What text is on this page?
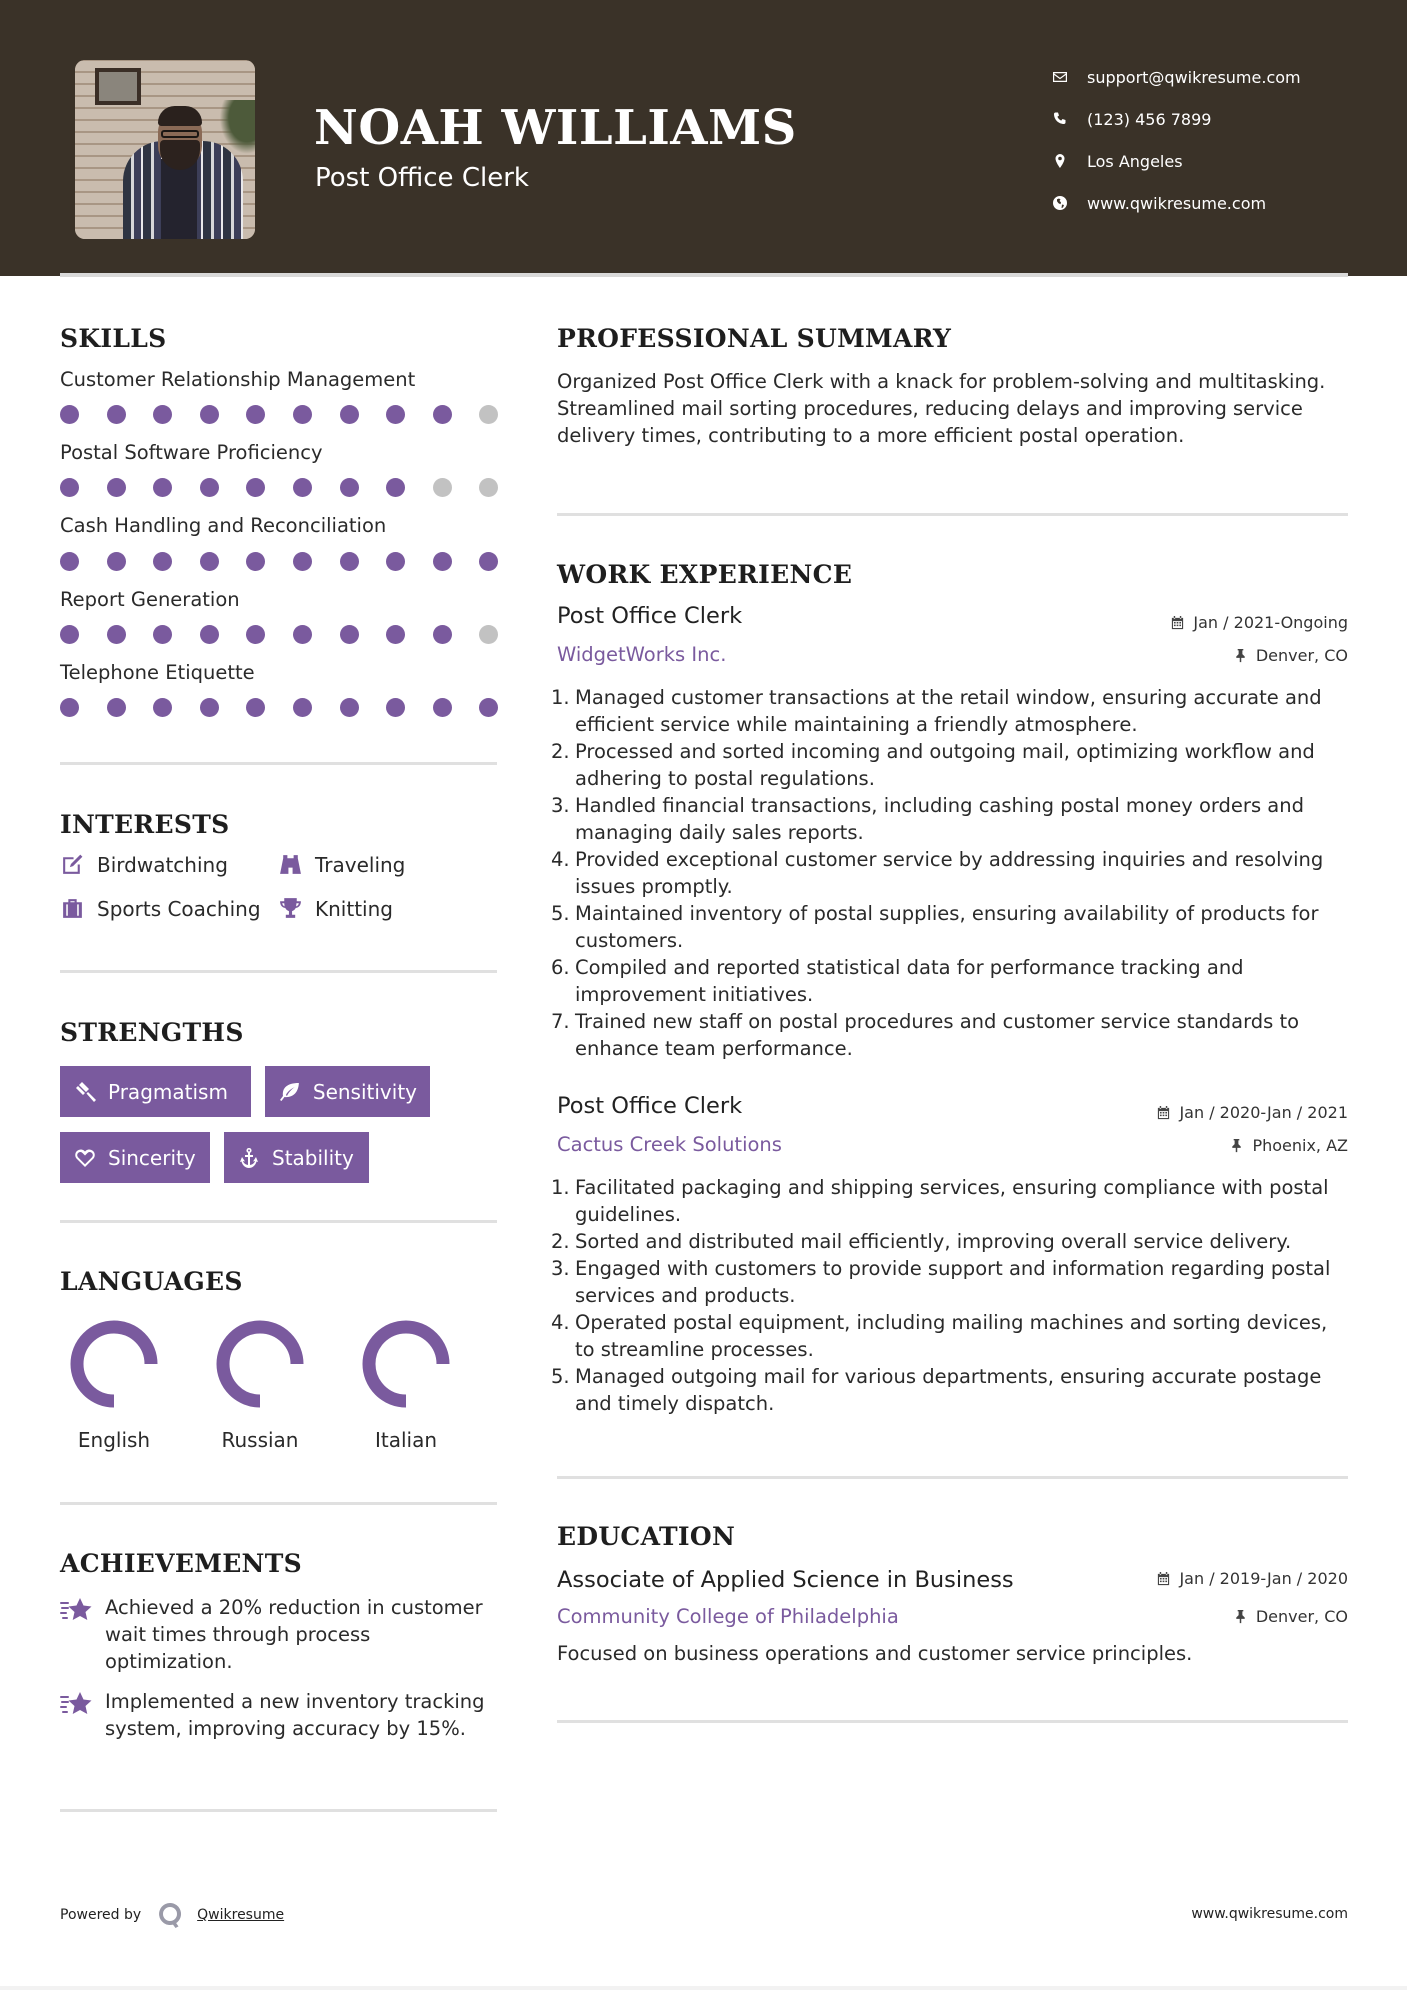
NOAH WILLIAMS
Post Office Clerk
support@qwikresume.com
(123) 456 7899
Los Angeles
www.qwikresume.com
SKILLS
Customer Relationship Management
Postal Software Proficiency
Cash Handling and Reconciliation
Report Generation
Telephone Etiquette
INTERESTS
Birdwatching	Traveling
Sports Coaching	Knitting
STRENGTHS
Pragmatism	Sensitivity
Sincerity	Stability
LANGUAGES
English	Russian	Italian
ACHIEVEMENTS
Achieved a 20% reduction in customer wait times through process optimization.
Implemented a new inventory tracking system, improving accuracy by 15%.
PROFESSIONAL SUMMARY
Organized Post Office Clerk with a knack for problem-solving and multitasking. Streamlined mail sorting procedures, reducing delays and improving service delivery times, contributing to a more efficient postal operation.
WORK EXPERIENCE
Post Office Clerk	Jan / 2021-Ongoing
WidgetWorks Inc.	Denver, CO
1. Managed customer transactions at the retail window, ensuring accurate and efficient service while maintaining a friendly atmosphere.
2. Processed and sorted incoming and outgoing mail, optimizing workflow and adhering to postal regulations.
3. Handled financial transactions, including cashing postal money orders and managing daily sales reports.
4. Provided exceptional customer service by addressing inquiries and resolving issues promptly.
5. Maintained inventory of postal supplies, ensuring availability of products for customers.
6. Compiled and reported statistical data for performance tracking and improvement initiatives.
7. Trained new staff on postal procedures and customer service standards to enhance team performance.
Post Office Clerk	Jan / 2020-Jan / 2021
Cactus Creek Solutions	Phoenix, AZ
1. Facilitated packaging and shipping services, ensuring compliance with postal guidelines.
2. Sorted and distributed mail efficiently, improving overall service delivery.
3. Engaged with customers to provide support and information regarding postal services and products.
4. Operated postal equipment, including mailing machines and sorting devices, to streamline processes.
5. Managed outgoing mail for various departments, ensuring accurate postage and timely dispatch.
EDUCATION
Associate of Applied Science in Business	Jan / 2019-Jan / 2020
Community College of Philadelphia	Denver, CO
Focused on business operations and customer service principles.
Powered by	Qwikresume	www.qwikresume.com
